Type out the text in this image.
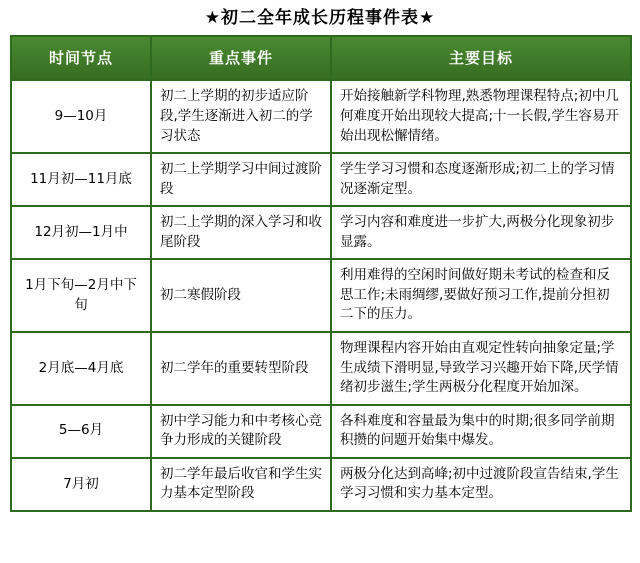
★初二全年成长历程事件表★
时间节点	重点事件	主要目标
9—10月	初二上学期的初步适应阶段,学生逐渐进入初二的学习状态	开始接触新学科物理,熟悉物理课程特点;初中几何难度开始出现较大提高;十一长假,学生容易开始出现松懈情绪。
11月初—11月底	初二上学期学习中间过渡阶段	学生学习习惯和态度逐渐形成;初二上的学习情况逐渐定型。
12月初—1月中	初二上学期的深入学习和收尾阶段	学习内容和难度进一步扩大,两极分化现象初步显露。
1月下旬—2月中下旬	初二寒假阶段	利用难得的空闲时间做好期未考试的检查和反思工作;未雨绸缪,要做好预习工作,提前分担初二下的压力。
2月底—4月底	初二学年的重要转型阶段	物理课程内容开始由直观定性转向抽象定量;学生成绩下滑明显,导致学习兴趣开始下降,厌学情绪初步滋生;学生两极分化程度开始加深。
5—6月	初中学习能力和中考核心竞争力形成的关键阶段	各科难度和容量最为集中的时期;很多同学前期积攒的问题开始集中爆发。
7月初	初二学年最后收官和学生实力基本定型阶段	两极分化达到高峰;初中过渡阶段宣告结束,学生学习习惯和实力基本定型。
